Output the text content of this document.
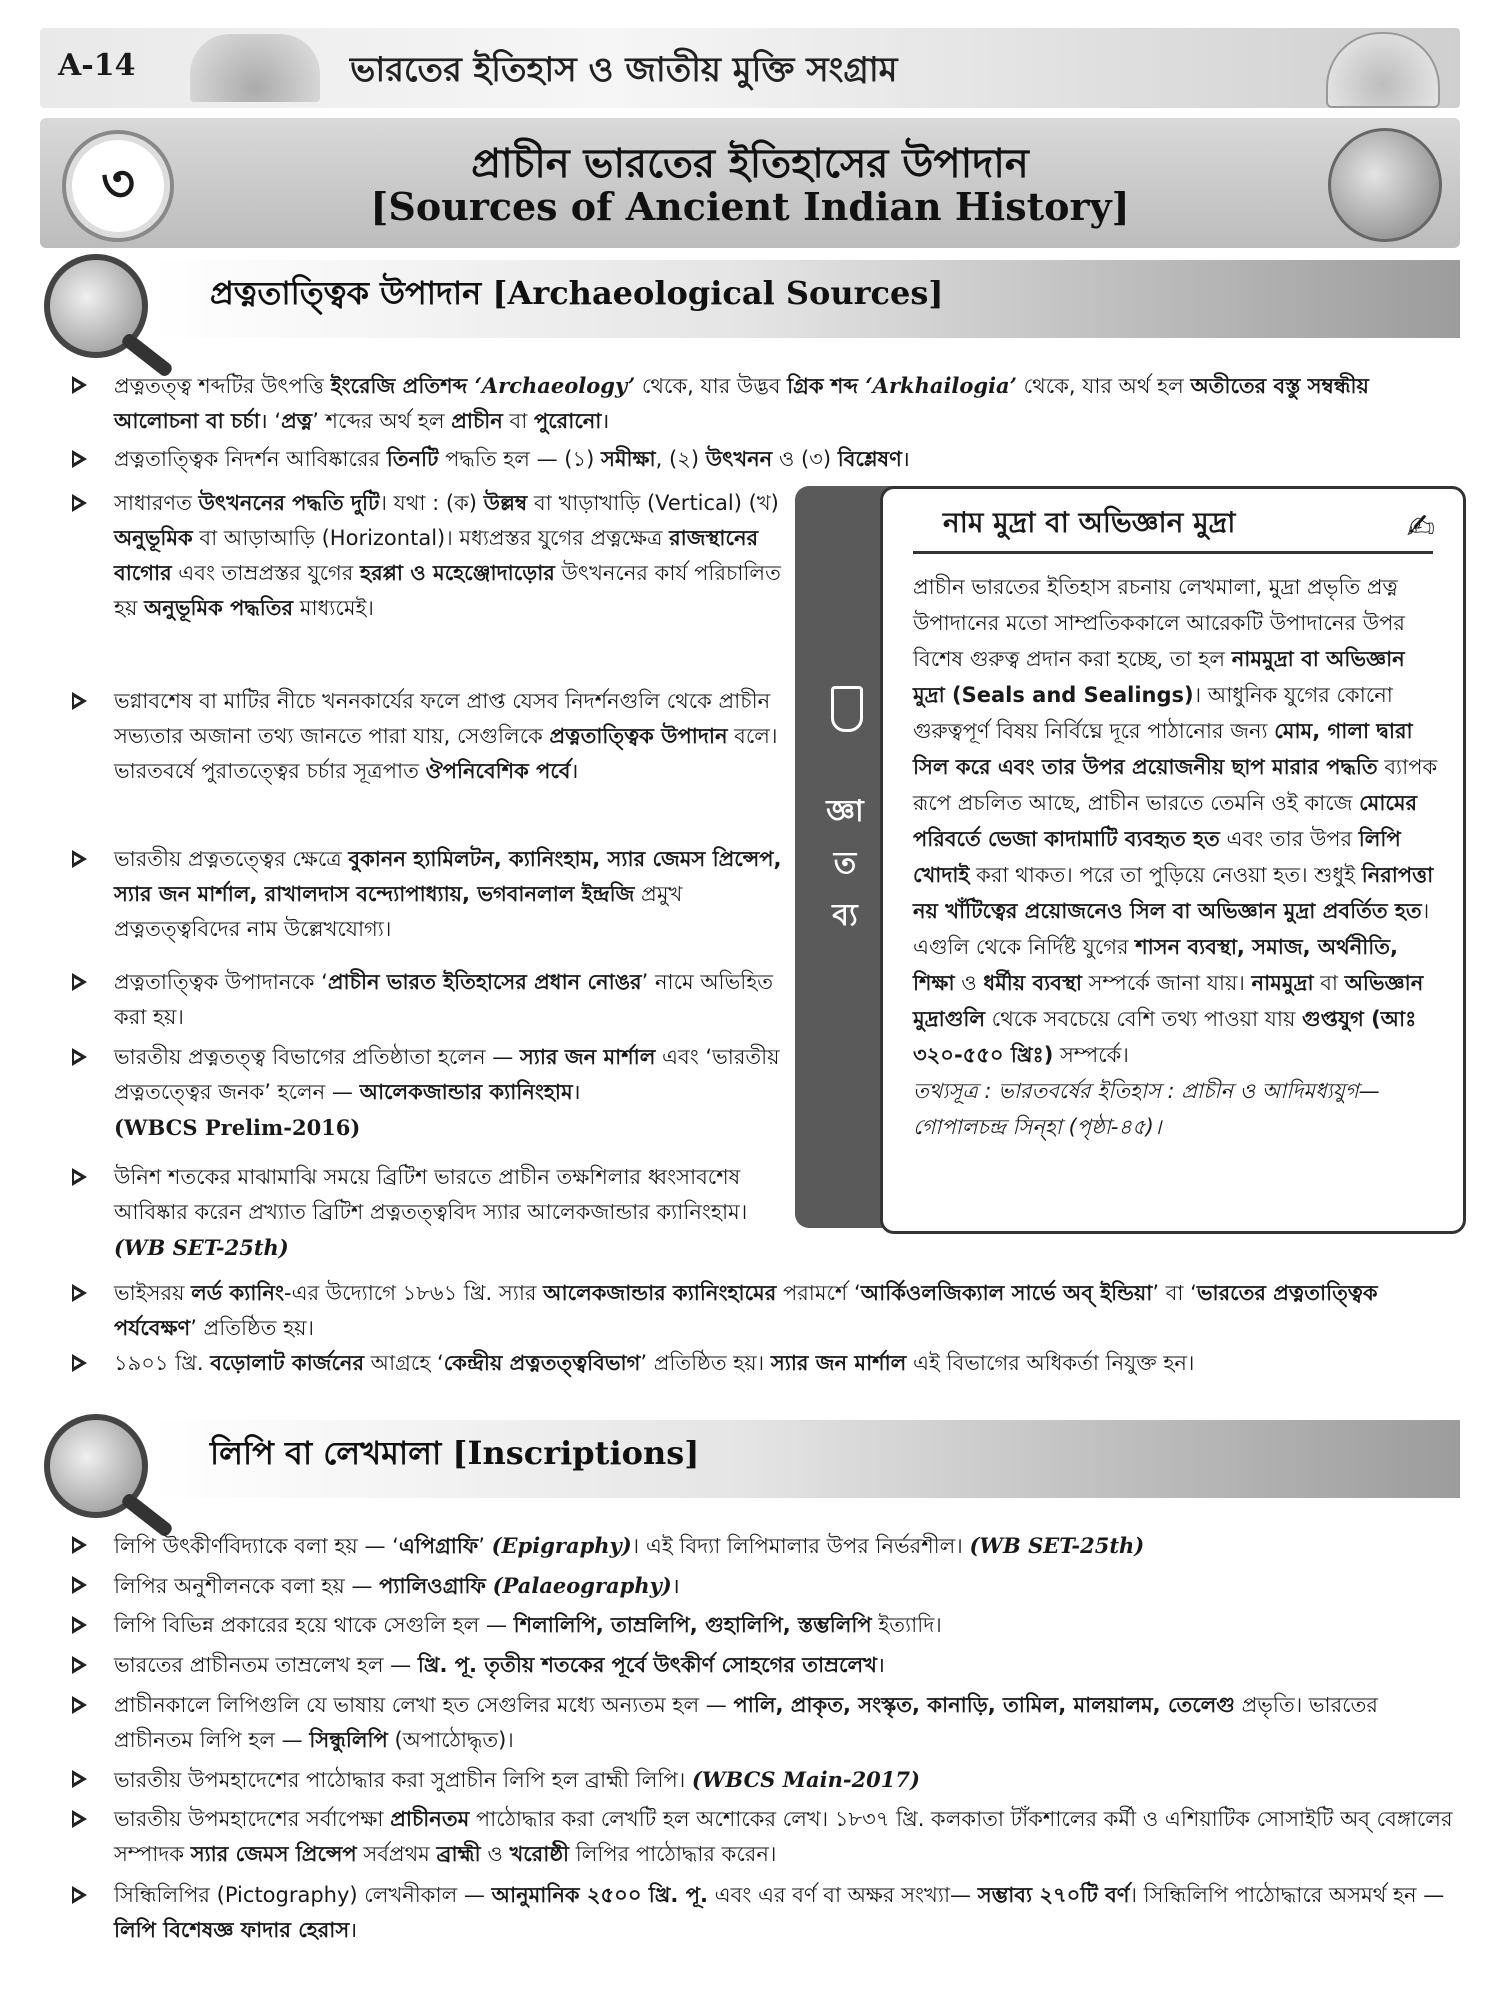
A-14	ভারতের ইতিহাস ও জাতীয় মুক্তি সংগ্রাম
৩	প্রাচীন ভারতের ইতিহাসের উপাদান
[Sources of Ancient Indian History]
প্রত্নতাত্ত্বিক উপাদান [Archaeological Sources]
প্রত্নতত্ত্ব শব্দটির উৎপত্তি ইংরেজি প্রতিশব্দ ‘Archaeology’ থেকে, যার উদ্ভব গ্রিক শব্দ ‘Arkhailogia’ থেকে, যার অর্থ হল অতীতের বস্তু সম্বন্ধীয় আলোচনা বা চর্চা। ‘প্রত্ন’ শব্দের অর্থ হল প্রাচীন বা পুরোনো।
প্রত্নতাত্ত্বিক নিদর্শন আবিষ্কারের তিনটি পদ্ধতি হল — (১) সমীক্ষা, (২) উৎখনন ও (৩) বিশ্লেষণ।
সাধারণত উৎখননের পদ্ধতি দুটি। যথা : (ক) উল্লম্ব বা খাড়াখাড়ি (Vertical) (খ) অনুভূমিক বা আড়াআড়ি (Horizontal)। মধ্যপ্রস্তর যুগের প্রত্নক্ষেত্র রাজস্থানের বাগোর এবং তাম্রপ্রস্তর যুগের হরপ্পা ও মহেঞ্জোদাড়োর উৎখননের কার্য পরিচালিত হয় অনুভূমিক পদ্ধতির মাধ্যমেই।
ভগ্নাবশেষ বা মাটির নীচে খননকার্যের ফলে প্রাপ্ত যেসব নিদর্শনগুলি থেকে প্রাচীন সভ্যতার অজানা তথ্য জানতে পারা যায়, সেগুলিকে প্রত্নতাত্ত্বিক উপাদান বলে। ভারতবর্ষে পুরাতত্ত্বের চর্চার সূত্রপাত ঔপনিবেশিক পর্বে।
ভারতীয় প্রত্নতত্ত্বের ক্ষেত্রে বুকানন হ্যামিলটন, ক্যানিংহাম, স্যার জেমস প্রিন্সেপ, স্যার জন মার্শাল, রাখালদাস বন্দ্যোপাধ্যায়, ভগবানলাল ইন্দ্রজি প্রমুখ প্রত্নতত্ত্ববিদের নাম উল্লেখযোগ্য।
প্রত্নতাত্ত্বিক উপাদানকে ‘প্রাচীন ভারত ইতিহাসের প্রধান নোঙর’ নামে অভিহিত করা হয়।
ভারতীয় প্রত্নতত্ত্ব বিভাগের প্রতিষ্ঠাতা হলেন — স্যার জন মার্শাল এবং ‘ভারতীয় প্রত্নতত্ত্বের জনক’ হলেন — আলেকজান্ডার ক্যানিংহাম।
(WBCS Prelim-2016)
উনিশ শতকের মাঝামাঝি সময়ে ব্রিটিশ ভারতে প্রাচীন তক্ষশিলার ধ্বংসাবশেষ আবিষ্কার করেন প্রখ্যাত ব্রিটিশ প্রত্নতত্ত্ববিদ স্যার আলেকজান্ডার ক্যানিংহাম। (WB SET-25th)
ভাইসরয় লর্ড ক্যানিং-এর উদ্যোগে ১৮৬১ খ্রি. স্যার আলেকজান্ডার ক্যানিংহামের পরামর্শে ‘আর্কিওলজিক্যাল সার্ভে অব্ ইন্ডিয়া’ বা ‘ভারতের প্রত্নতাত্ত্বিক পর্যবেক্ষণ’ প্রতিষ্ঠিত হয়।
১৯০১ খ্রি. বড়োলাট কার্জনের আগ্রহে ‘কেন্দ্রীয় প্রত্নতত্ত্ববিভাগ’ প্রতিষ্ঠিত হয়। স্যার জন মার্শাল এই বিভাগের অধিকর্তা নিযুক্ত হন।
জ্ঞা
ত
ব্য
নাম মুদ্রা বা অভিজ্ঞান মুদ্রা	✍
প্রাচীন ভারতের ইতিহাস রচনায় লেখমালা, মুদ্রা প্রভৃতি প্রত্ন উপাদানের মতো সাম্প্রতিককালে আরেকটি উপাদানের উপর বিশেষ গুরুত্ব প্রদান করা হচ্ছে, তা হল নামমুদ্রা বা অভিজ্ঞান মুদ্রা (Seals and Sealings)। আধুনিক যুগের কোনো গুরুত্বপূর্ণ বিষয় নির্বিঘ্নে দূরে পাঠানোর জন্য মোম, গালা দ্বারা সিল করে এবং তার উপর প্রয়োজনীয় ছাপ মারার পদ্ধতি ব্যাপক রূপে প্রচলিত আছে, প্রাচীন ভারতে তেমনি ওই কাজে মোমের পরিবর্তে ভেজা কাদামাটি ব্যবহৃত হত এবং তার উপর লিপি খোদাই করা থাকত। পরে তা পুড়িয়ে নেওয়া হত। শুধুই নিরাপত্তা নয় খাঁটিত্বের প্রয়োজনেও সিল বা অভিজ্ঞান মুদ্রা প্রবর্তিত হত। এগুলি থেকে নির্দিষ্ট যুগের শাসন ব্যবস্থা, সমাজ, অর্থনীতি, শিক্ষা ও ধর্মীয় ব্যবস্থা সম্পর্কে জানা যায়। নামমুদ্রা বা অভিজ্ঞান মুদ্রাগুলি থেকে সবচেয়ে বেশি তথ্য পাওয়া যায় গুপ্তযুগ (আঃ ৩২০-৫৫০ খ্রিঃ) সম্পর্কে।
তথ্যসূত্র : ভারতবর্ষের ইতিহাস : প্রাচীন ও আদিমধ্যযুগ— গোপালচন্দ্র সিন্‌হা (পৃষ্ঠা-৪৫)।
লিপি বা লেখমালা [Inscriptions]
লিপি উৎকীর্ণবিদ্যাকে বলা হয় — ‘এপিগ্রাফি’ (Epigraphy)। এই বিদ্যা লিপিমালার উপর নির্ভরশীল। (WB SET-25th)
লিপির অনুশীলনকে বলা হয় — প্যালিওগ্রাফি (Palaeography)।
লিপি বিভিন্ন প্রকারের হয়ে থাকে সেগুলি হল — শিলালিপি, তাম্রলিপি, গুহালিপি, স্তম্ভলিপি ইত্যাদি।
ভারতের প্রাচীনতম তাম্রলেখ হল — খ্রি. পূ. তৃতীয় শতকের পূর্বে উৎকীর্ণ সোহগের তাম্রলেখ।
প্রাচীনকালে লিপিগুলি যে ভাষায় লেখা হত সেগুলির মধ্যে অন্যতম হল — পালি, প্রাকৃত, সংস্কৃত, কানাড়ি, তামিল, মালয়ালম, তেলেগু প্রভৃতি। ভারতের প্রাচীনতম লিপি হল — সিন্ধুলিপি (অপাঠোদ্ধৃত)।
ভারতীয় উপমহাদেশের পাঠোদ্ধার করা সুপ্রাচীন লিপি হল ব্রাহ্মী লিপি। (WBCS Main-2017)
ভারতীয় উপমহাদেশের সর্বাপেক্ষা প্রাচীনতম পাঠোদ্ধার করা লেখটি হল অশোকের লেখ। ১৮৩৭ খ্রি. কলকাতা টাঁকশালের কর্মী ও এশিয়াটিক সোসাইটি অব্ বেঙ্গালের সম্পাদক স্যার জেমস প্রিন্সেপ সর্বপ্রথম ব্রাহ্মী ও খরোষ্ঠী লিপির পাঠোদ্ধার করেন।
সিন্ধিলিপির (Pictography) লেখনীকাল — আনুমানিক ২৫০০ খ্রি. পূ. এবং এর বর্ণ বা অক্ষর সংখ্যা— সম্ভাব্য ২৭০টি বর্ণ। সিন্ধিলিপি পাঠোদ্ধারে অসমর্থ হন — লিপি বিশেষজ্ঞ ফাদার হেরাস।
